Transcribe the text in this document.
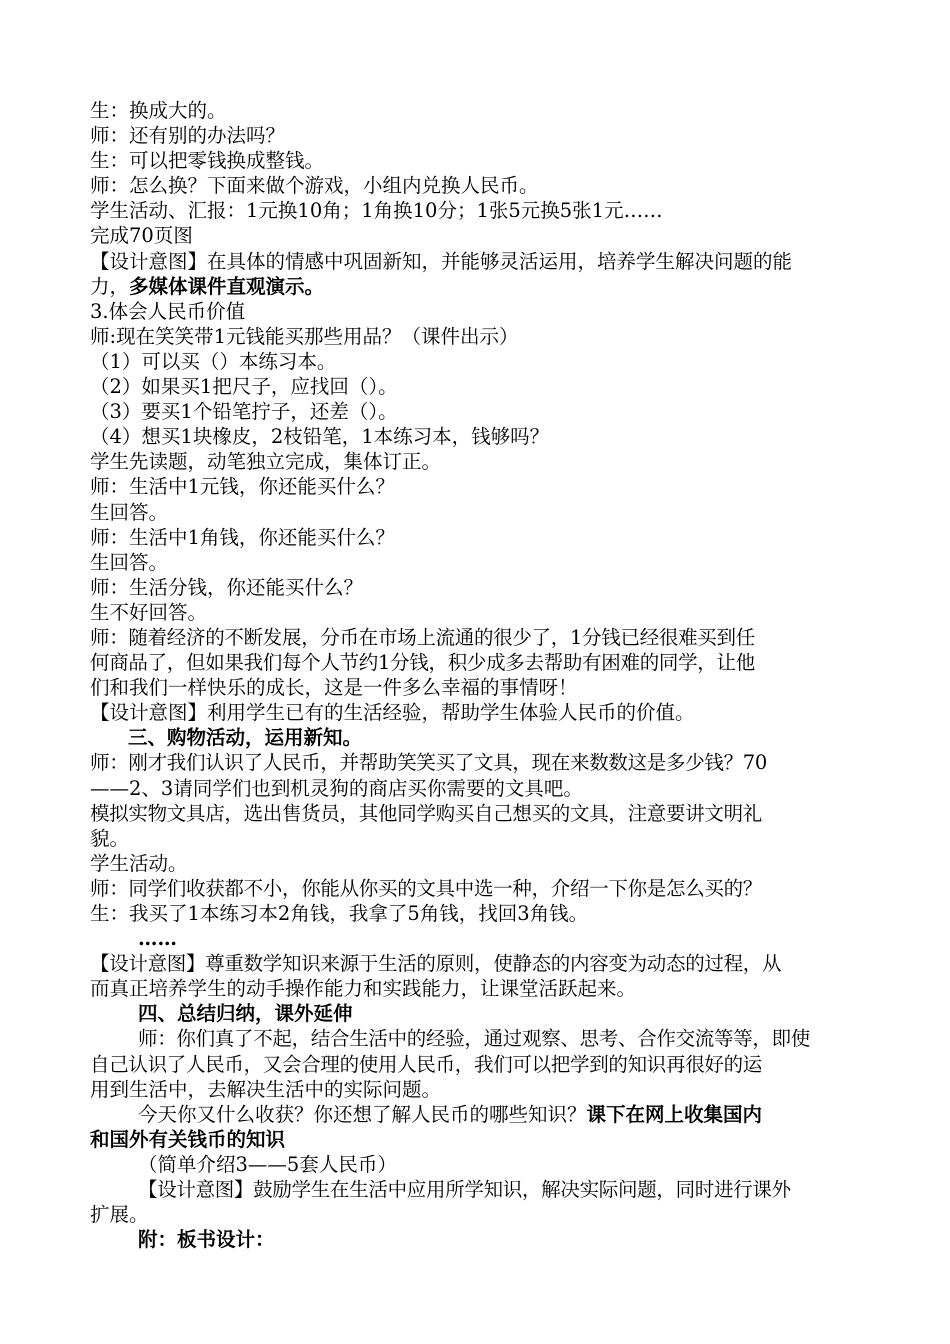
生：换成大的。
师：还有别的办法吗？
生：可以把零钱换成整钱。
师：怎么换？下面来做个游戏，小组内兑换人民币。
学生活动、汇报：1元换10角；1角换10分；1张5元换5张1元……
完成70页图
【设计意图】在具体的情感中巩固新知，并能够灵活运用，培养学生解决问题的能
力，多媒体课件直观演示。
3.体会人民币价值
师:现在笑笑带1元钱能买那些用品？（课件出示）
（1）可以买（）本练习本。
（2）如果买1把尺子，应找回（）。
（3）要买1个铅笔拧子，还差（）。
（4）想买1块橡皮，2枝铅笔，1本练习本，钱够吗？
学生先读题，动笔独立完成，集体订正。
师：生活中1元钱，你还能买什么？
生回答。
师：生活中1角钱，你还能买什么？
生回答。
师：生活分钱，你还能买什么？
生不好回答。
师：随着经济的不断发展，分币在市场上流通的很少了，1分钱已经很难买到任
何商品了，但如果我们每个人节约1分钱，积少成多去帮助有困难的同学，让他
们和我们一样快乐的成长，这是一件多么幸福的事情呀！
【设计意图】利用学生已有的生活经验，帮助学生体验人民币的价值。
三、购物活动，运用新知。
师：刚才我们认识了人民币，并帮助笑笑买了文具，现在来数数这是多少钱？70
——2、3请同学们也到机灵狗的商店买你需要的文具吧。
模拟实物文具店，选出售货员，其他同学购买自己想买的文具，注意要讲文明礼
貌。
学生活动。
师：同学们收获都不小，你能从你买的文具中选一种，介绍一下你是怎么买的？
生：我买了1本练习本2角钱，我拿了5角钱，找回3角钱。
……
【设计意图】尊重数学知识来源于生活的原则，使静态的内容变为动态的过程，从
而真正培养学生的动手操作能力和实践能力，让课堂活跃起来。
四、总结归纳，课外延伸
师：你们真了不起，结合生活中的经验，通过观察、思考、合作交流等等，即使
自己认识了人民币，又会合理的使用人民币，我们可以把学到的知识再很好的运
用到生活中，去解决生活中的实际问题。
今天你又什么收获？你还想了解人民币的哪些知识？课下在网上收集国内
和国外有关钱币的知识
（简单介绍3——5套人民币）
【设计意图】鼓励学生在生活中应用所学知识，解决实际问题，同时进行课外
扩展。
附：板书设计：
